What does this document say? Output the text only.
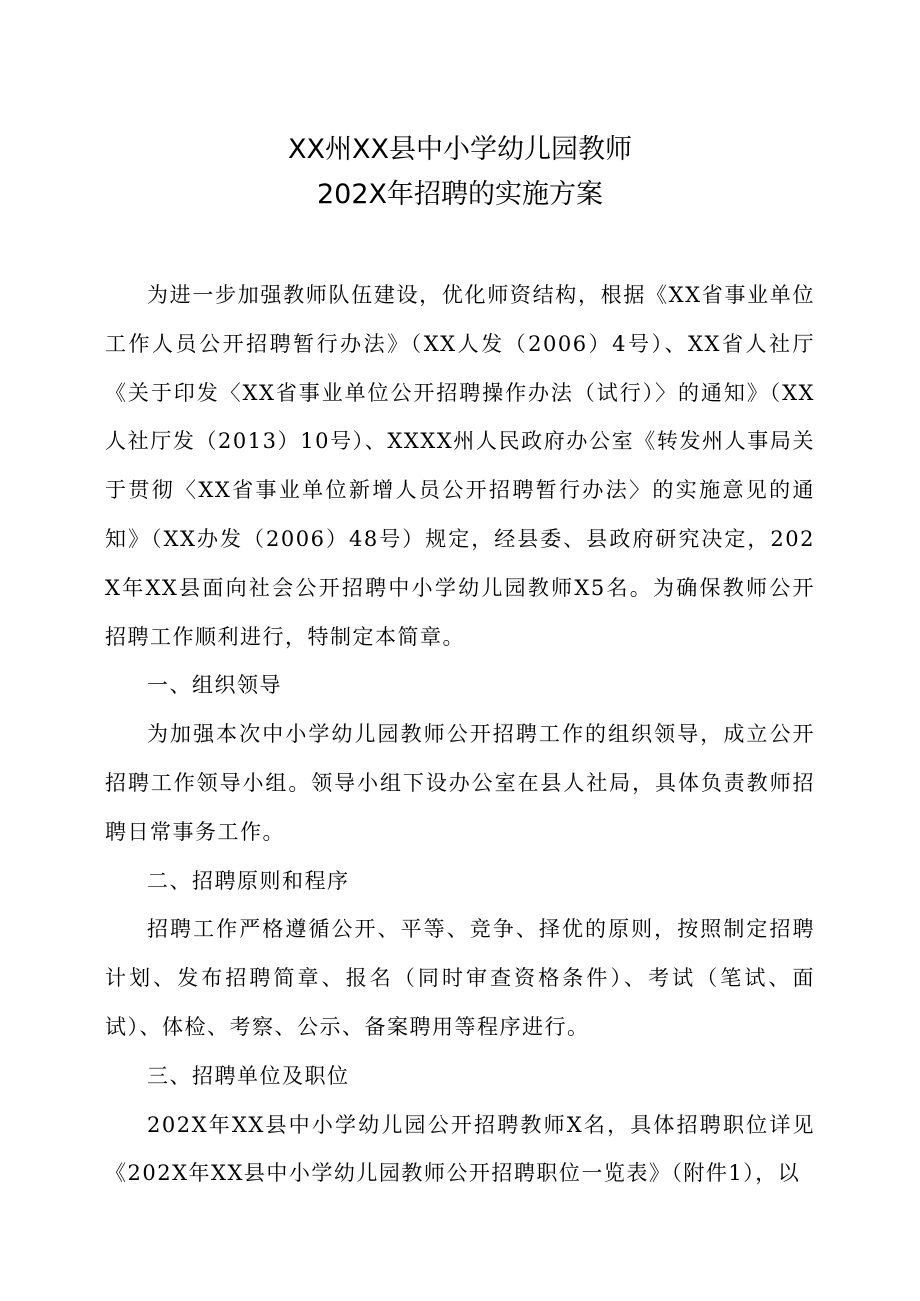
XX州XX县中小学幼儿园教师
202X年招聘的实施方案

为进一步加强教师队伍建设，优化师资结构，根据《XX省事业单位工作人员公开招聘暂行办法》（XX人发（2006）4号）、XX省人社厅《关于印发〈XX省事业单位公开招聘操作办法（试行）〉的通知》（XX人社厅发（2013）10号）、XXXX州人民政府办公室《转发州人事局关于贯彻〈XX省事业单位新增人员公开招聘暂行办法〉的实施意见的通知》（XX办发（2006）48号）规定，经县委、县政府研究决定，202X年XX县面向社会公开招聘中小学幼儿园教师X5名。为确保教师公开招聘工作顺利进行，特制定本简章。

一、组织领导

为加强本次中小学幼儿园教师公开招聘工作的组织领导，成立公开招聘工作领导小组。领导小组下设办公室在县人社局，具体负责教师招聘日常事务工作。

二、招聘原则和程序

招聘工作严格遵循公开、平等、竞争、择优的原则，按照制定招聘计划、发布招聘简章、报名（同时审查资格条件）、考试（笔试、面试）、体检、考察、公示、备案聘用等程序进行。

三、招聘单位及职位

202X年XX县中小学幼儿园公开招聘教师X名，具体招聘职位详见《202X年XX县中小学幼儿园教师公开招聘职位一览表》（附件1），以
